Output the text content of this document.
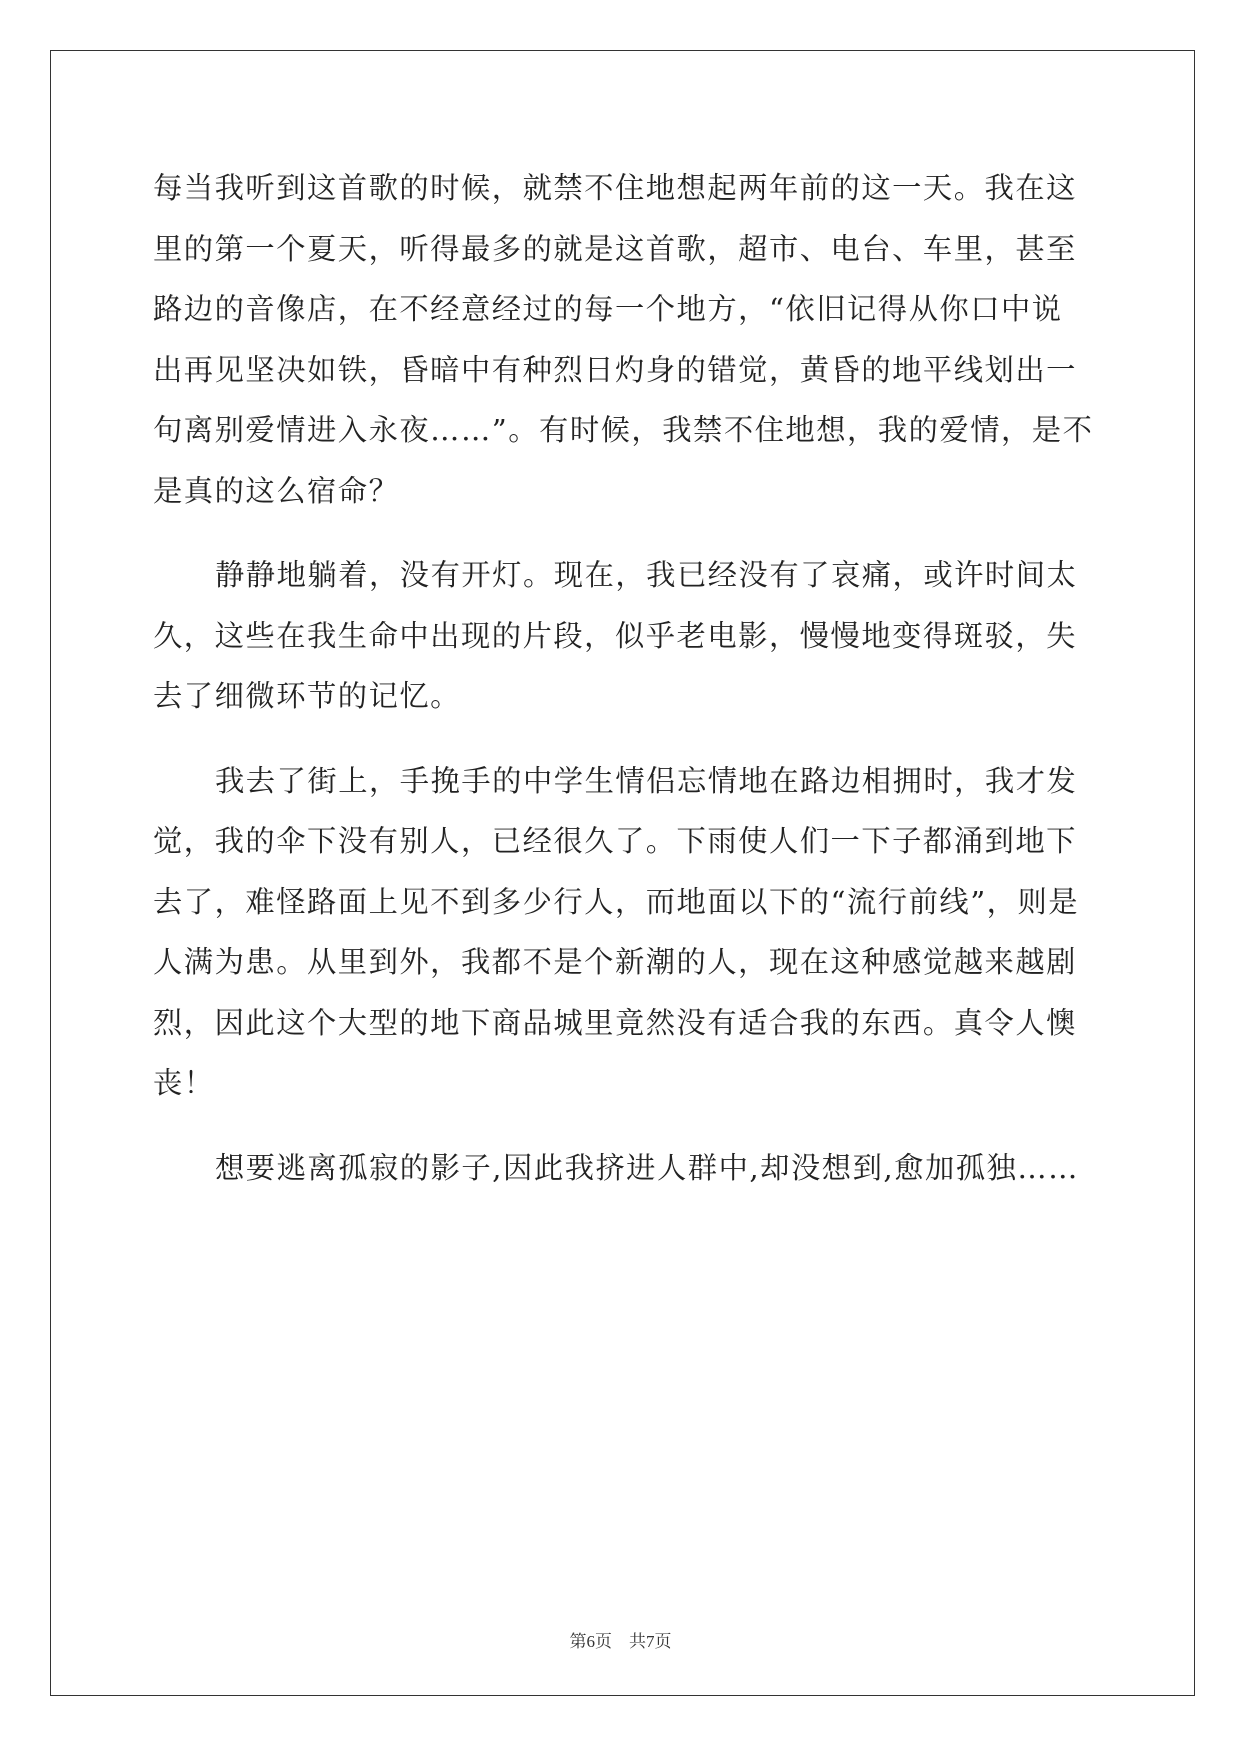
每当我听到这首歌的时候，就禁不住地想起两年前的这一天。我在这
里的第一个夏天，听得最多的就是这首歌，超市、电台、车里，甚至
路边的音像店，在不经意经过的每一个地方，“依旧记得从你口中说
出再见坚决如铁，昏暗中有种烈日灼身的错觉，黄昏的地平线划出一
句离别爱情进入永夜……”。有时候，我禁不住地想，我的爱情，是不
是真的这么宿命？
静静地躺着，没有开灯。现在，我已经没有了哀痛，或许时间太
久，这些在我生命中出现的片段，似乎老电影，慢慢地变得斑驳，失
去了细微环节的记忆。
我去了街上，手挽手的中学生情侣忘情地在路边相拥时，我才发
觉，我的伞下没有别人，已经很久了。下雨使人们一下子都涌到地下
去了，难怪路面上见不到多少行人，而地面以下的“流行前线”，则是
人满为患。从里到外，我都不是个新潮的人，现在这种感觉越来越剧
烈，因此这个大型的地下商品城里竟然没有适合我的东西。真令人懊
丧！
想要逃离孤寂的影子,因此我挤进人群中,却没想到,愈加孤独……
第6页　共7页
